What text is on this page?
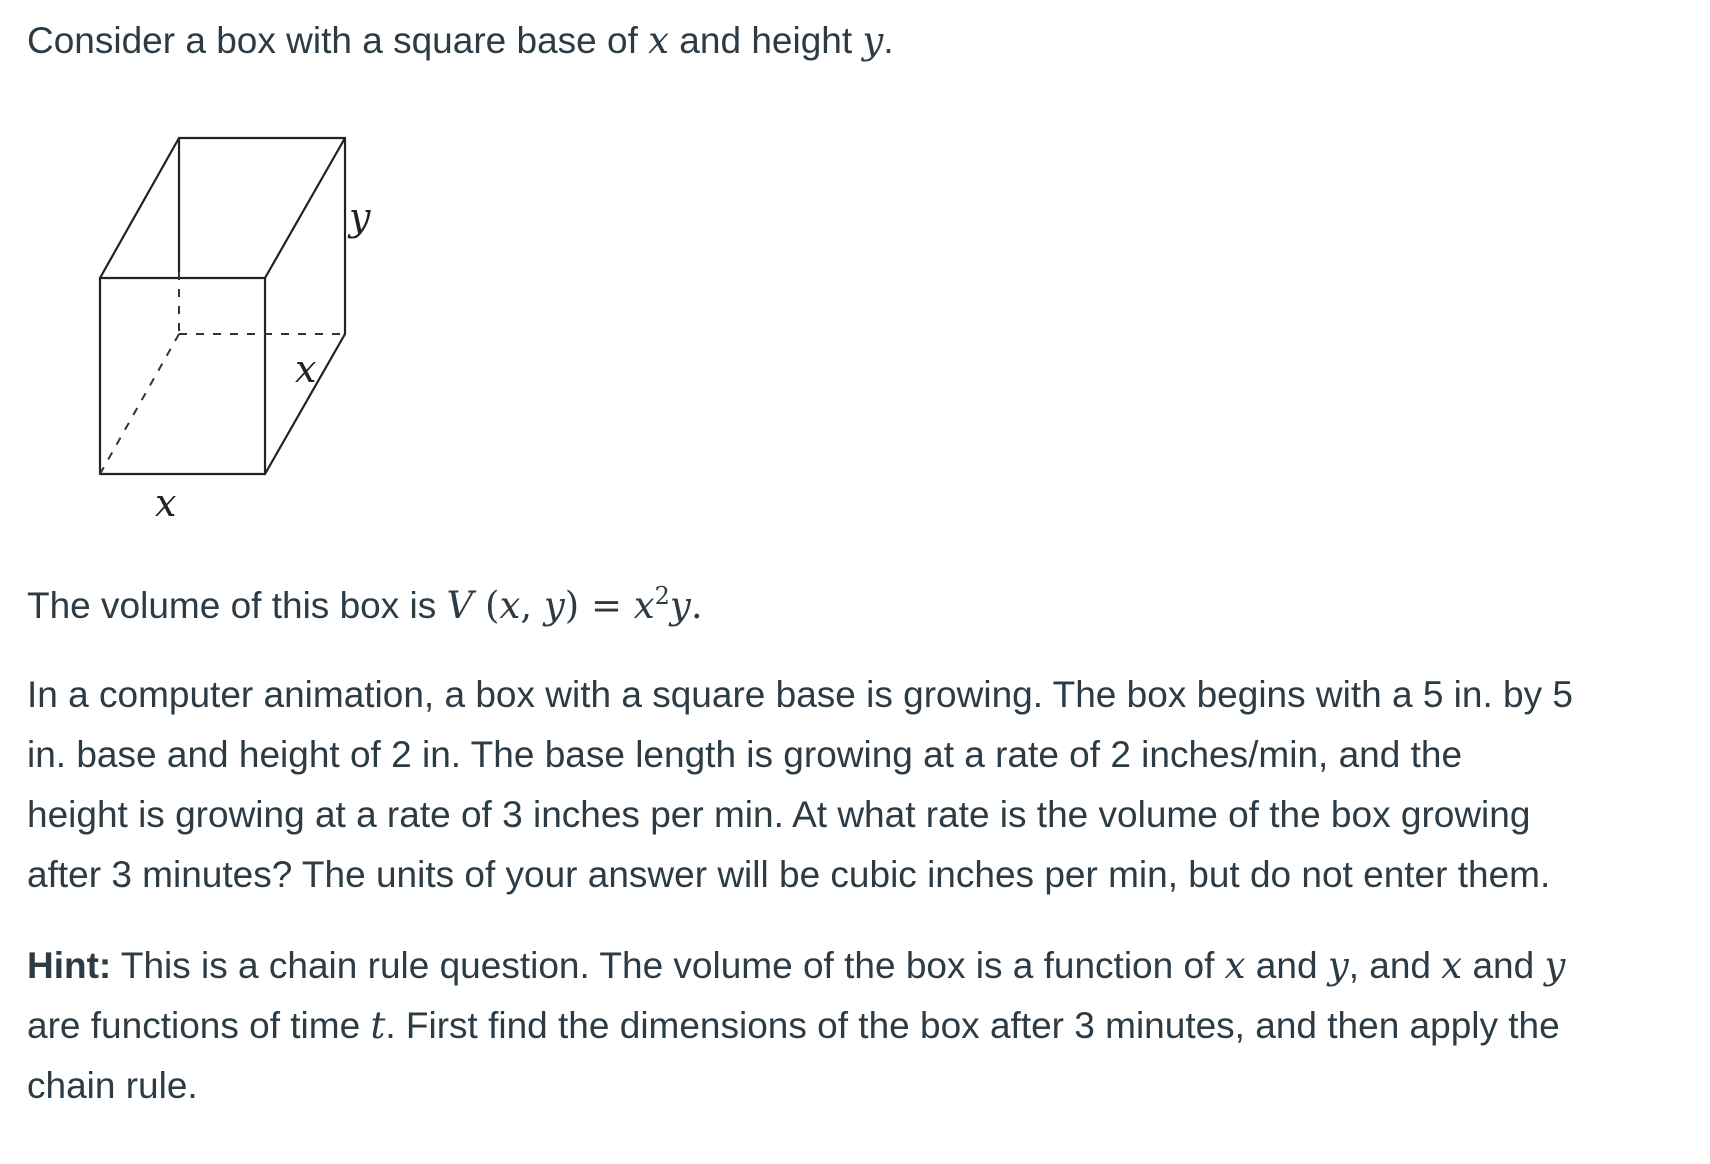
Consider a box with a square base of x and height y.

y
x
x

The volume of this box is V (x, $y) = x^2y$.

In a computer animation, a box with a square base is growing. The box begins with a 5 in. by 5
in. base and height of 2 in. The base length is growing at a rate of 2 inches/min, and the
height is growing at a rate of 3 inches per min. At what rate is the volume of the box growing
after 3 minutes? The units of your answer will be cubic inches per min, but do not enter them.
Hint: This is a chain rule question. The volume of the box is a function of x and y, and x and y
are functions of time t. First find the dimensions of the box after 3 minutes, and then apply the
chain rule.
